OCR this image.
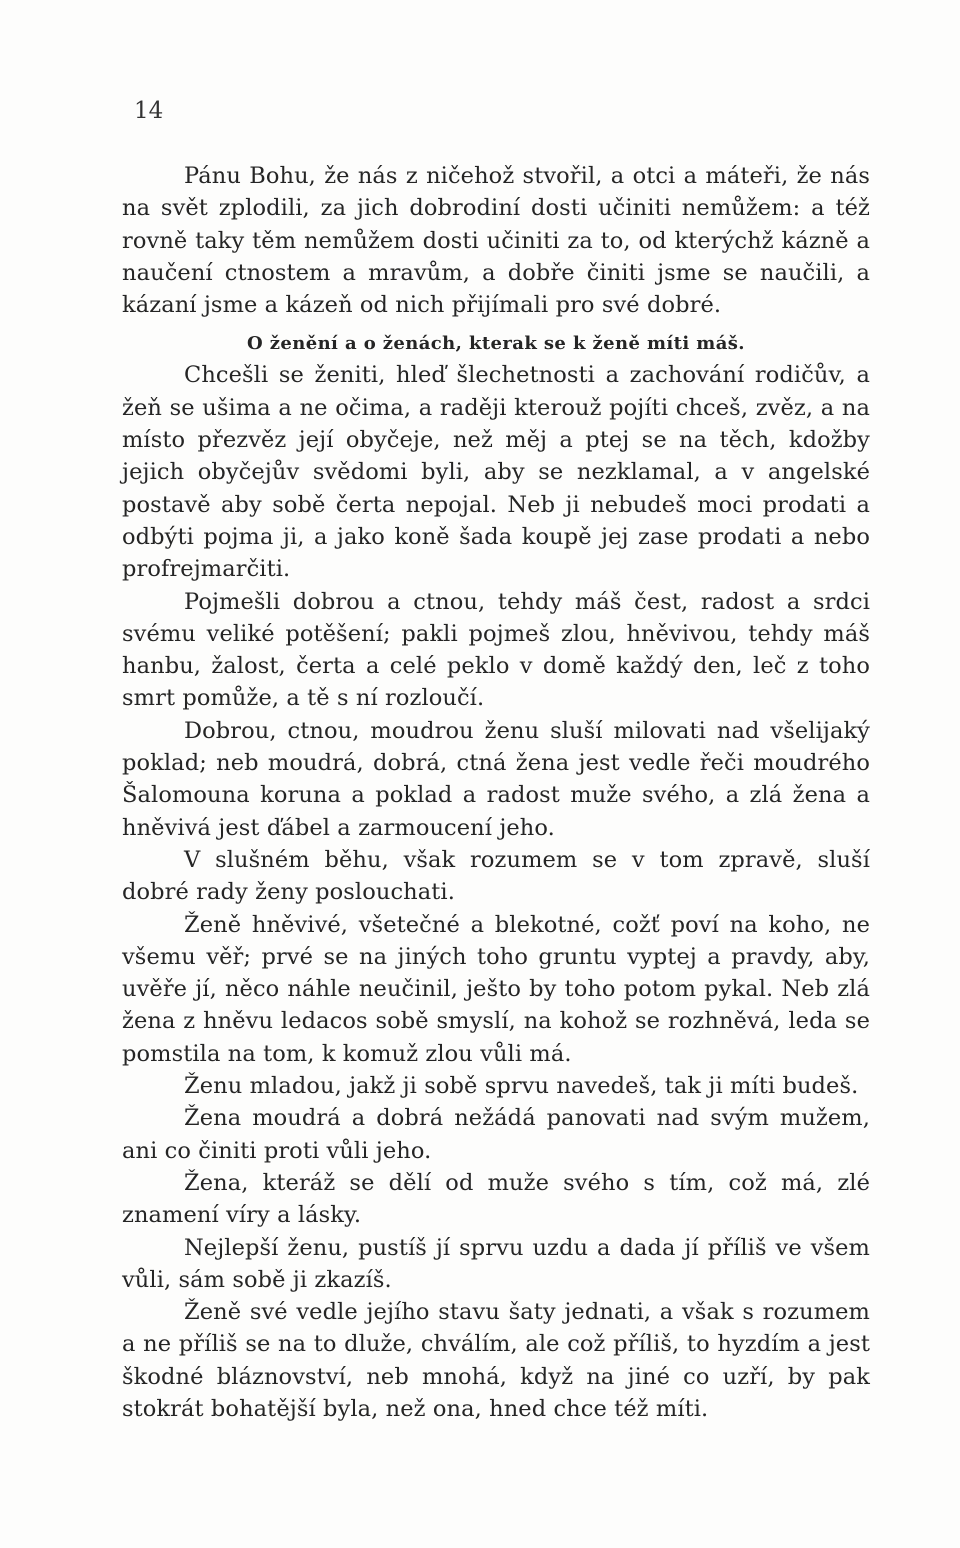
14

Pánu Bohu, že nás z ničehož stvořil, a otci a máteři, že nás na svět zplodili, za jich dobrodiní dosti učiniti nemůžem: a též rovně taky těm nemůžem dosti učiniti za to, od kterýchž kázně a naučení ctnostem a mravům, a dobře činiti jsme se naučili, a kázaní jsme a kázeň od nich přijímali pro své dobré.

O ženění a o ženách, kterak se k ženě míti máš.

Chcešli se ženiti, hleď šlechetnosti a zachování rodičův, a žeň se ušima a ne očima, a raději kterouž pojíti chceš, zvěz, a na místo přezvěz její obyčeje, než měj a ptej se na těch, kdožby jejich obyčejův svědomi byli, aby se nezklamal, a v angelské postavě aby sobě čerta nepojal. Neb ji nebudeš moci prodati a odbýti pojma ji, a jako koně šada koupě jej zase prodati a nebo profrejmarčiti.

Pojmešli dobrou a ctnou, tehdy máš čest, radost a srdci svému veliké potěšení; pakli pojmeš zlou, hněvivou, tehdy máš hanbu, žalost, čerta a celé peklo v domě každý den, leč z toho smrt pomůže, a tě s ní rozloučí.

Dobrou, ctnou, moudrou ženu sluší milovati nad všelijaký poklad; neb moudrá, dobrá, ctná žena jest vedle řeči moudrého Šalomouna koruna a poklad a radost muže svého, a zlá žena a hněvivá jest ďábel a zarmoucení jeho.

V slušném běhu, však rozumem se v tom zpravě, sluší dobré rady ženy poslouchati.

Ženě hněvivé, všetečné a blekotné, cožť poví na koho, ne všemu věř; prvé se na jiných toho gruntu vyptej a pravdy, aby, uvěře jí, něco náhle neučinil, ješto by toho potom pykal. Neb zlá žena z hněvu ledacos sobě smyslí, na kohož se rozhněvá, leda se pomstila na tom, k komuž zlou vůli má.

Ženu mladou, jakž ji sobě sprvu navedeš, tak ji míti budeš.

Žena moudrá a dobrá nežádá panovati nad svým mužem, ani co činiti proti vůli jeho.

Žena, kteráž se dělí od muže svého s tím, což má, zlé znamení víry a lásky.

Nejlepší ženu, pustíš jí sprvu uzdu a dada jí příliš ve všem vůli, sám sobě ji zkazíš.

Ženě své vedle jejího stavu šaty jednati, a však s rozumem a ne příliš se na to dluže, chválím, ale což příliš, to hyzdím a jest škodné bláznovství, neb mnohá, když na jiné co uzří, by pak stokrát bohatější byla, než ona, hned chce též míti.
